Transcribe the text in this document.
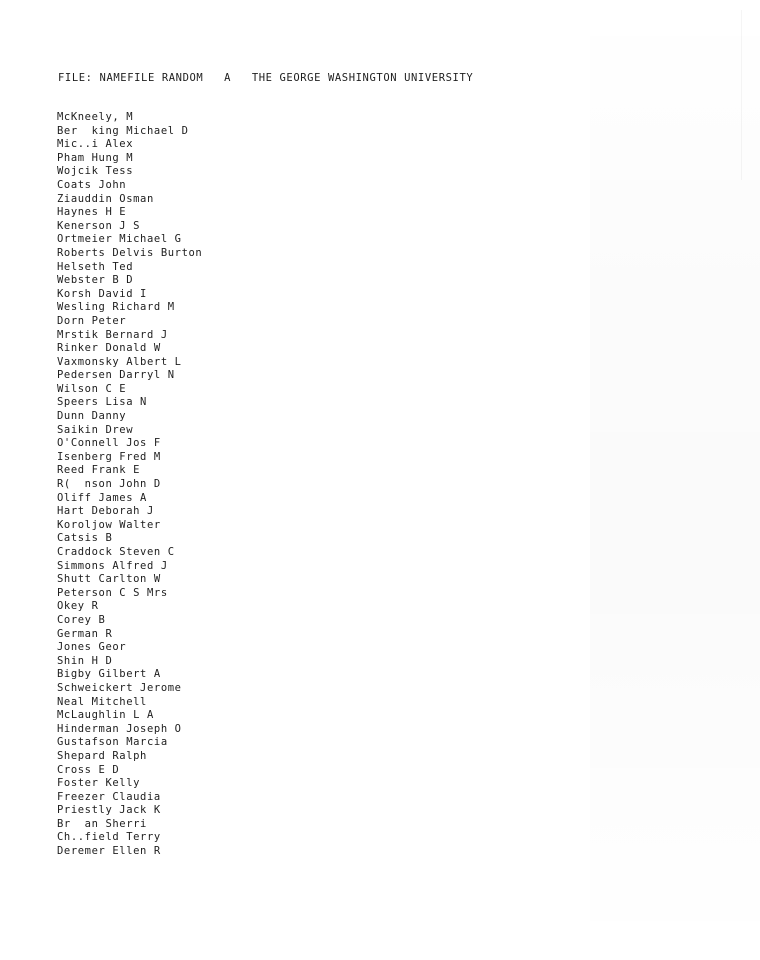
FILE: NAMEFILE RANDOM A THE GEORGE WASHINGTON UNIVERSITY
McKneely, M
Ber  king Michael D
Mic..i Alex
Pham Hung M
Wojcik Tess
Coats John
Ziauddin Osman
Haynes H E
Kenerson J S
Ortmeier Michael G
Roberts Delvis Burton
Helseth Ted
Webster B D
Korsh David I
Wesling Richard M
Dorn Peter
Mrstik Bernard J
Rinker Donald W
Vaxmonsky Albert L
Pedersen Darryl N
Wilson C E
Speers Lisa N
Dunn Danny
Saikin Drew
O'Connell Jos F
Isenberg Fred M
Reed Frank E
R(  nson John D
Oliff James A
Hart Deborah J
Koroljow Walter
Catsis B
Craddock Steven C
Simmons Alfred J
Shutt Carlton W
Peterson C S Mrs
Okey R
Corey B
German R
Jones Geor
Shin H D
Bigby Gilbert A
Schweickert Jerome
Neal Mitchell
McLaughlin L A
Hinderman Joseph O
Gustafson Marcia
Shepard Ralph
Cross E D
Foster Kelly
Freezer Claudia
Priestly Jack K
Br  an Sherri
Ch..field Terry
Deremer Ellen R
